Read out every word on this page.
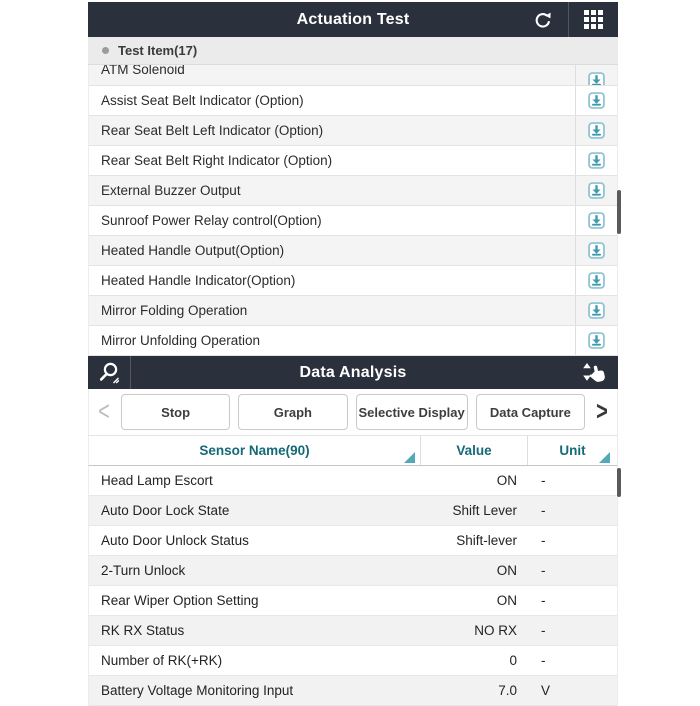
Actuation Test
Test Item(17)
ATM Solenoid
Assist Seat Belt Indicator (Option)
Rear Seat Belt Left Indicator (Option)
Rear Seat Belt Right Indicator (Option)
External Buzzer Output
Sunroof Power Relay control(Option)
Heated Handle Output(Option)
Heated Handle Indicator(Option)
Mirror Folding Operation
Mirror Unfolding Operation
Data Analysis
<	Stop	Graph	Selective Display	Data Capture	>
Sensor Name(90)	Value	Unit
Head Lamp Escort	ON	-
Auto Door Lock State	Shift Lever	-
Auto Door Unlock Status	Shift-lever	-
2-Turn Unlock	ON	-
Rear Wiper Option Setting	ON	-
RK RX Status	NO RX	-
Number of RK(+RK)	0	-
Battery Voltage Monitoring Input	7.0	V
